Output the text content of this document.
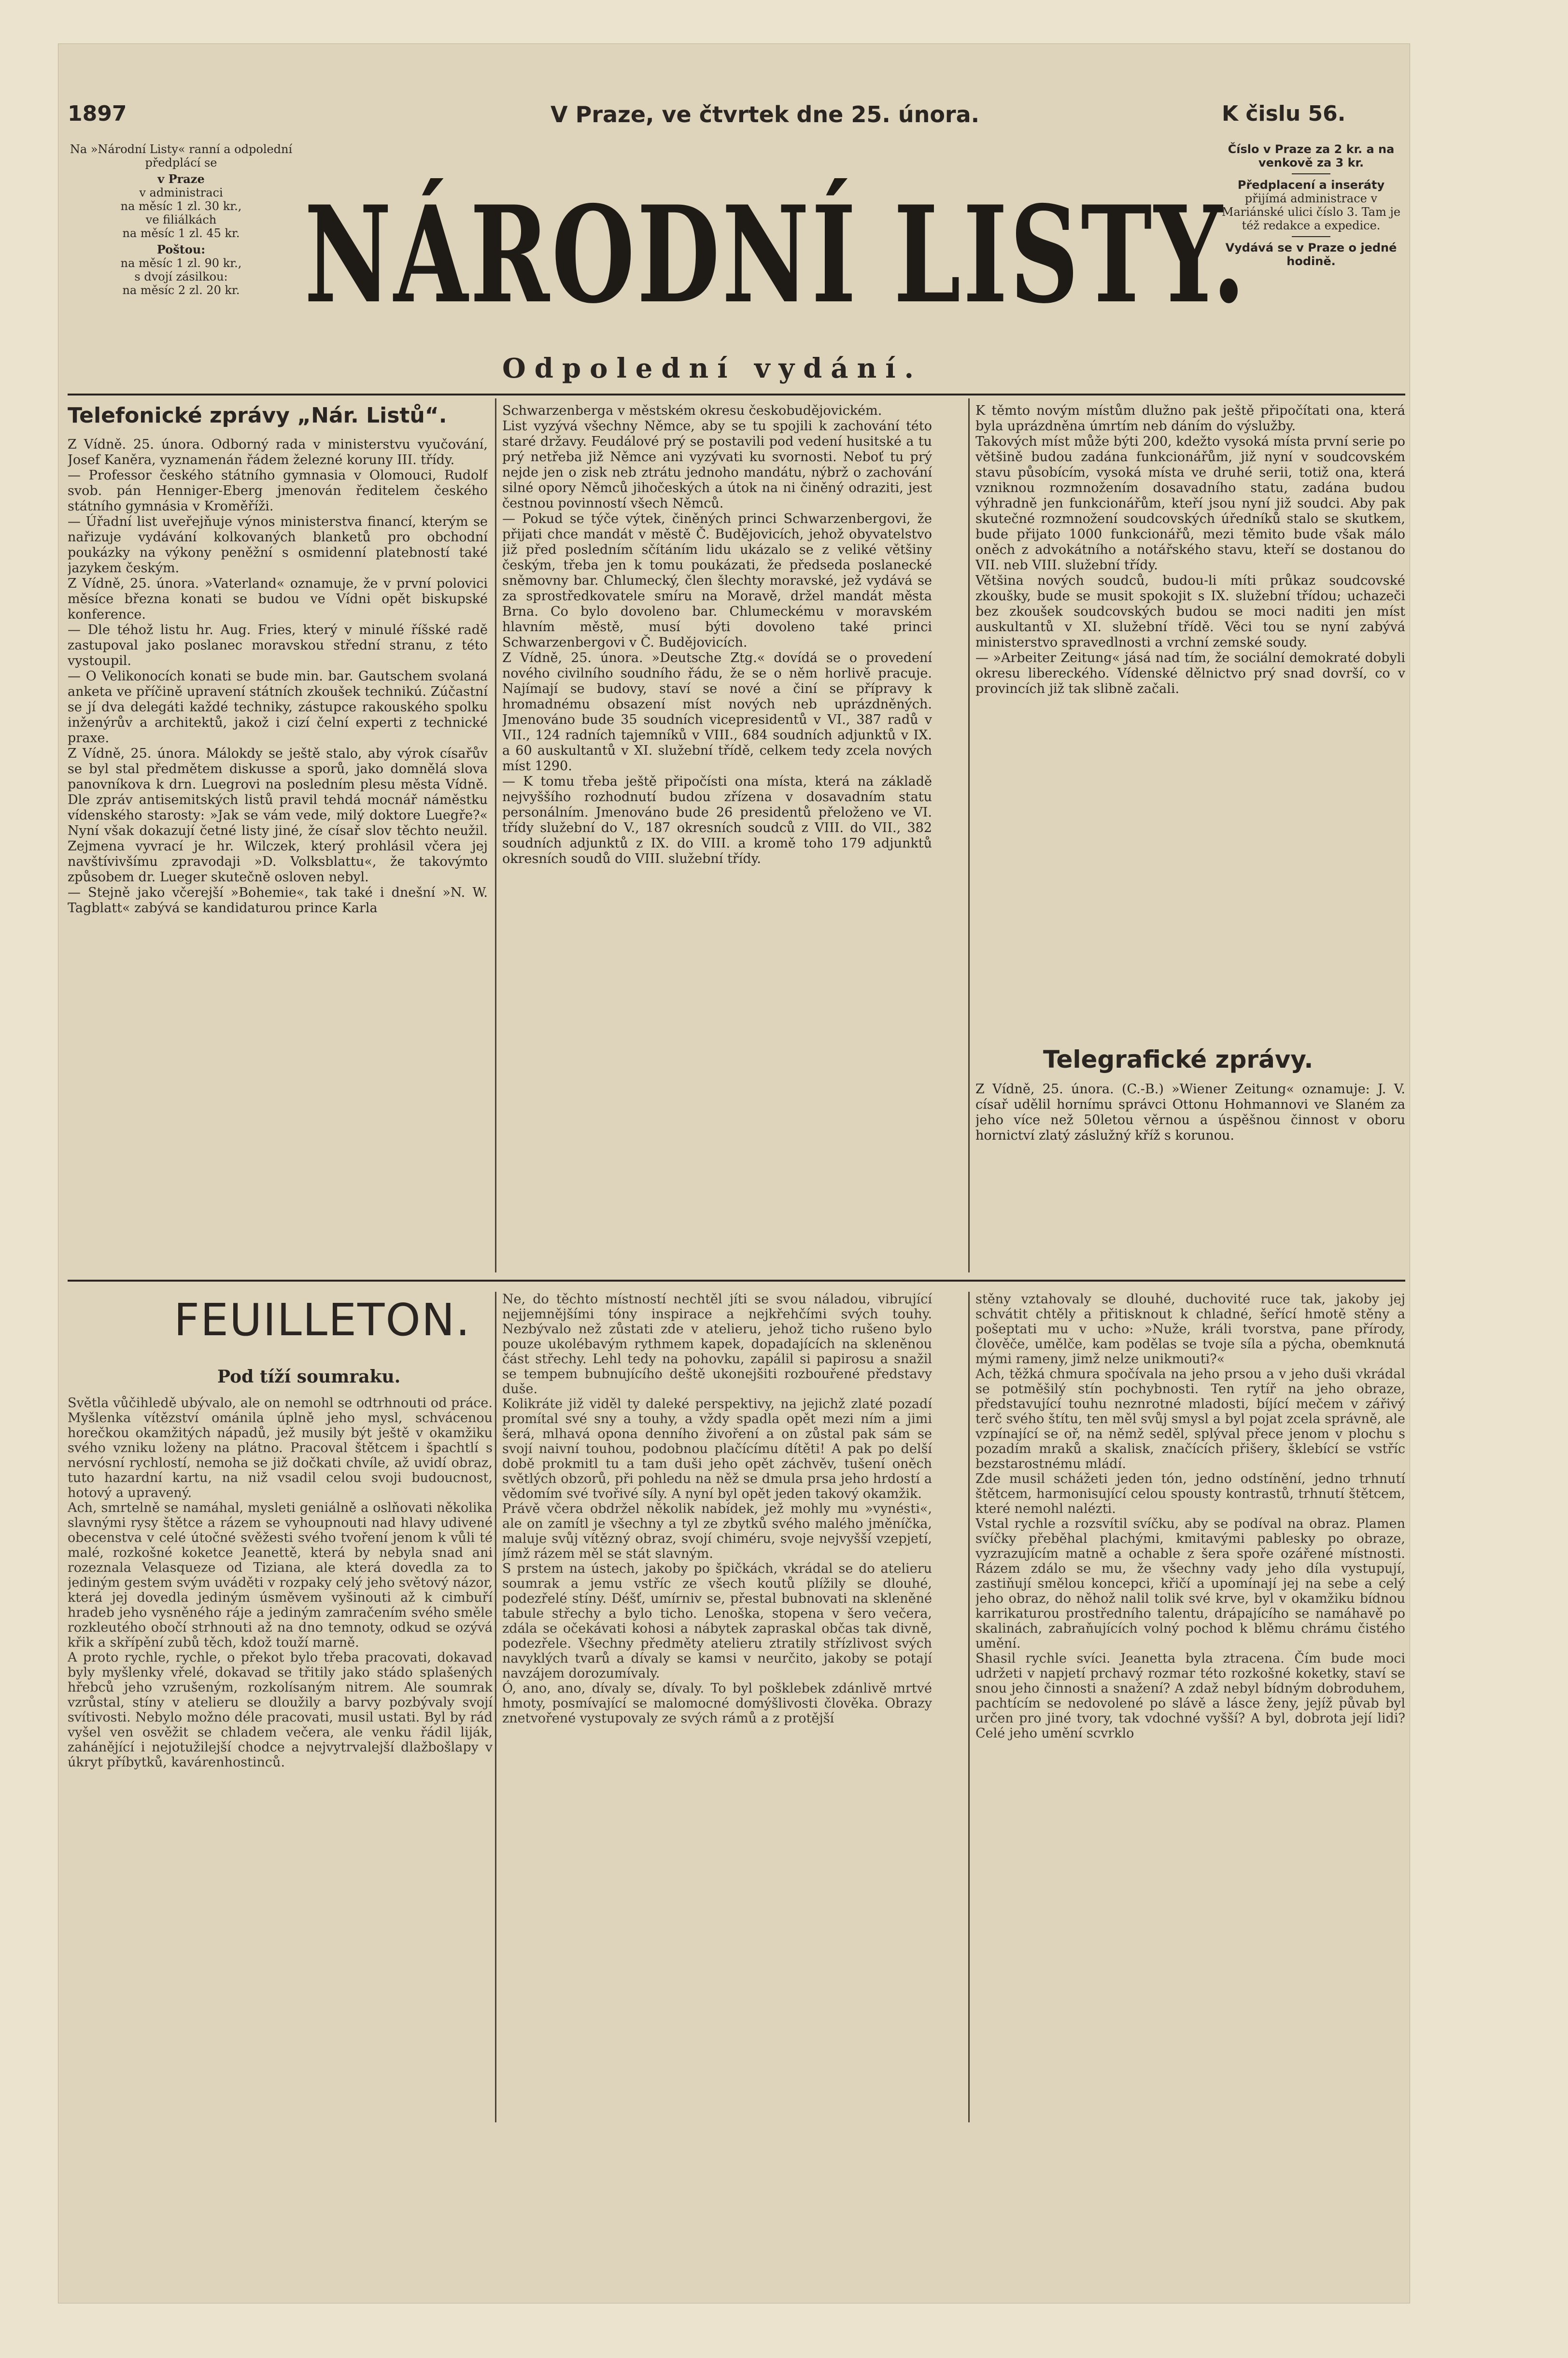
1897	V Praze, ve čtvrtek dne 25. února.	K čislu 56.
Na »Národní Listy« ranní a odpolední předplácí se
v Praze
v administraci
na měsíc 1 zl. 30 kr.,
ve filiálkách
na měsíc 1 zl. 45 kr.
Poštou:
na měsíc 1 zl. 90 kr.,
s dvojí zásilkou:
na měsíc 2 zl. 20 kr. NÁRODNÍ LISTY.
Odpolední vydání.
Číslo v Praze za 2 kr. a na venkově za 3 kr.
Předplacení a inseráty
přijímá administrace v Mariánské ulici číslo 3. Tam je též redakce a expedice.
Vydává se v Praze o jedné hodině.
Telefonické zprávy „Nár. Listů“.
Z Vídně. 25. února. Odborný rada v ministerstvu vyučování, Josef Kaněra, vyznamenán řádem železné koruny III. třídy.
— Professor českého státního gymnasia v Olomouci, Rudolf svob. pán Henniger-Eberg jmenován ředitelem českého státního gymnásia v Kroměříži.
— Úřadní list uveřejňuje výnos ministerstva financí, kterým se nařizuje vydávání kolkovaných blanketů pro obchodní poukázky na výkony peněžní s osmidenní platebností také jazykem českým.
Z Vídně, 25. února. »Vaterland« oznamuje, že v první polovici měsíce března konati se budou ve Vídni opět biskupské konference.
— Dle téhož listu hr. Aug. Fries, který v minulé říšské radě zastupoval jako poslanec moravskou střední stranu, z této vystoupil.
— O Velikonocích konati se bude min. bar. Gautschem svolaná anketa ve příčině upravení státních zkoušek technikú. Zúčastní se jí dva delegáti každé techniky, zástupce rakouského spolku inženýrův a architektů, jakož i cizí čelní experti z technické praxe.
Z Vídně, 25. února. Málokdy se ještě stalo, aby výrok císařův se byl stal předmětem diskusse a sporů, jako domnělá slova panovníkova k drn. Luegrovi na posledním plesu města Vídně. Dle zpráv antisemitských listů pravil tehdá mocnář náměstku vídenského starosty: »Jak se vám vede, milý doktore Luegře?« Nyní však dokazují četné listy jiné, že císař slov těchto neužil. Zejmena vyvrací je hr. Wilczek, který prohlásil včera jej navštívivšímu zpravodaji »D. Volksblattu«, že takovýmto způsobem dr. Lueger skutečně osloven nebyl.
— Stejně jako včerejší »Bohemie«, tak také i dnešní »N. W. Tagblatt« zabývá se kandidaturou prince Karla
Schwarzenberga v městském okresu českobudějovickém.
List vyzývá všechny Němce, aby se tu spojili k zachování této staré državy. Feudálové prý se postavili pod vedení husitské a tu prý netřeba již Němce ani vyzývati ku svornosti. Neboť tu prý nejde jen o zisk neb ztrátu jednoho mandátu, nýbrž o zachování silné opory Němců jihočeských a útok na ni činěný odraziti, jest čestnou povinností všech Němců.
— Pokud se týče výtek, činěných princi Schwarzenbergovi, že přijati chce mandát v městě Č. Budějovicích, jehož obyvatelstvo již před posledním sčítáním lidu ukázalo se z veliké většiny českým, třeba jen k tomu poukázati, že předseda poslanecké sněmovny bar. Chlumecký, člen šlechty moravské, jež vydává se za sprostředkovatele smíru na Moravě, držel mandát města Brna. Co bylo dovoleno bar. Chlumeckému v moravském hlavním městě, musí býti dovoleno také princi Schwarzenbergovi v Č. Budějovicích.
Z Vídně, 25. února. »Deutsche Ztg.« dovídá se o provedení nového civilního soudního řádu, že se o něm horlivě pracuje. Najímají se budovy, staví se nové a činí se přípravy k hromadnému obsazení míst nových neb uprázdněných. Jmenováno bude 35 soudních vicepresidentů v VI., 387 radů v VII., 124 radních tajemníků v VIII., 684 soudních adjunktů v IX. a 60 auskultantů v XI. služební třídě, celkem tedy zcela nových míst 1290.
— K tomu třeba ještě připočísti ona místa, která na základě nejvyššího rozhodnutí budou zřízena v dosavadním statu personálním. Jmenováno bude 26 presidentů přeloženo ve VI. třídy služební do V., 187 okresních soudců z VIII. do VII., 382 soudních adjunktů z IX. do VIII. a kromě toho 179 adjunktů okresních soudů do VIII. služební třídy.
K těmto novým místům dlužno pak ještě připočítati ona, která byla uprázdněna úmrtím neb dáním do výslužby.
Takových míst může býti 200, kdežto vysoká místa první serie po většině budou zadána funkcionářům, již nyní v soudcovském stavu působícím, vysoká místa ve druhé serii, totiž ona, která vzniknou rozmnožením dosavadního statu, zadána budou výhradně jen funkcionářům, kteří jsou nyní již soudci. Aby pak skutečné rozmnožení soudcovských úředníků stalo se skutkem, bude přijato 1000 funkcionářů, mezi těmito bude však málo oněch z advokátního a notářského stavu, kteří se dostanou do VII. neb VIII. služební třídy.
Většina nových soudců, budou-li míti průkaz soudcovské zkoušky, bude se musit spokojit s IX. služební třídou; uchazeči bez zkoušek soudcovských budou se moci naditi jen míst auskultantů v XI. služební třídě. Věci tou se nyní zabývá ministerstvo spravedlnosti a vrchní zemské soudy.
— »Arbeiter Zeitung« jásá nad tím, že sociální demokraté dobyli okresu libereckého. Vídenské dělnictvo prý snad dovrší, co v provincích již tak slibně začali.
Telegrafické zprávy.
Z Vídně, 25. února. (C.-B.) »Wiener Zeitung« oznamuje: J. V. císař udělil hornímu správci Ottonu Hohmannovi ve Slaném za jeho více než 50letou věrnou a úspěšnou činnost v oboru hornictví zlatý záslužný kříž s korunou.
FEUILLETON.
Pod tíží soumraku.
Světla vůčihledě ubývalo, ale on nemohl se odtrhnouti od práce. Myšlenka vítězství ománila úplně jeho mysl, schvácenou horečkou okamžitých nápadů, jež musily být ještě v okamžiku svého vzniku loženy na plátno. Pracoval štětcem i špachtlí s nervósní rychlostí, nemoha se již dočkati chvíle, až uvidí obraz, tuto hazardní kartu, na niž vsadil celou svoji budoucnost, hotový a upravený.
Ach, smrtelně se namáhal, mysleti geniálně a oslňovati několika slavnými rysy štětce a rázem se vyhoupnouti nad hlavy udivené obecenstva v celé útočné svěžesti svého tvoření jenom k vůli té malé, rozkošné koketce Jeanettě, která by nebyla snad ani rozeznala Velasqueze od Tiziana, ale která dovedla za to jediným gestem svým uváděti v rozpaky celý jeho světový názor, která jej dovedla jediným úsměvem vyšinouti až k cimbuří hradeb jeho vysněného ráje a jediným zamračením svého směle rozkleutého obočí strhnouti až na dno temnoty, odkud se ozývá křik a skřípění zubů těch, kdož touží marně.
A proto rychle, rychle, o překot bylo třeba pracovati, dokavad byly myšlenky vřelé, dokavad se třitily jako stádo splašených hřebců jeho vzrušeným, rozkolísaným nitrem. Ale soumrak vzrůstal, stíny v atelieru se dloužily a barvy pozbývaly svojí svítivosti. Nebylo možno déle pracovati, musil ustati. Byl by rád vyšel ven osvěžit se chladem večera, ale venku řádil liják, zahánějící i nejotužilejší chodce a nejvytrvalejší dlažbošlapy v úkryt příbytků, kavárenhostinců.
Ne, do těchto místností nechtěl jíti se svou náladou, vibrující nejjemnějšími tóny inspirace a nejkřehčími svých touhy. Nezbývalo než zůstati zde v atelieru, jehož ticho rušeno bylo pouze ukolébavým rythmem kapek, dopadajících na skleněnou část střechy. Lehl tedy na pohovku, zapálil si papirosu a snažil se tempem bubnujícího deště ukonejšiti rozbouřené představy duše.
Kolikráte již viděl ty daleké perspektivy, na jejichž zlaté pozadí promítal své sny a touhy, a vždy spadla opět mezi ním a jimi šerá, mlhavá opona denního živoření a on zůstal pak sám se svojí naivní touhou, podobnou plačícímu dítěti! A pak po delší době prokmitl tu a tam duši jeho opět záchvěv, tušení oněch světlých obzorů, při pohledu na něž se dmula prsa jeho hrdostí a vědomím své tvořivé síly. A nyní byl opět jeden takový okamžik.
Právě včera obdržel několik nabídek, jež mohly mu »vynésti«, ale on zamítl je všechny a tyl ze zbytků svého malého jměníčka, maluje svůj vítězný obraz, svojí chiméru, svoje nejvyšší vzepjetí, jímž rázem měl se stát slavným.
S prstem na ústech, jakoby po špičkách, vkrádal se do atelieru soumrak a jemu vstříc ze všech koutů plížily se dlouhé, podezřelé stíny. Déšť, umírniv se, přestal bubnovati na skleněné tabule střechy a bylo ticho. Lenoška, stopena v šero večera, zdála se očekávati kohosi a nábytek zapraskal občas tak divně, podezřele. Všechny předměty atelieru ztratily střízlivost svých navyklých tvarů a dívaly se kamsi v neurčito, jakoby se potají navzájem dorozumívaly.
Ó, ano, ano, dívaly se, dívaly. To byl pošklebek zdánlivě mrtvé hmoty, posmívající se malomocné domýšlivosti člověka. Obrazy znetvořené vystupovaly ze svých rámů a z protější
stěny vztahovaly se dlouhé, duchovité ruce tak, jakoby jej schvátit chtěly a přitisknout k chladné, šeřící hmotě stěny a pošeptati mu v ucho: »Nuže, králi tvorstva, pane přírody, člověče, umělče, kam podělas se tvoje síla a pýcha, obemknutá mými rameny, jimž nelze unikmouti?«
Ach, těžká chmura spočívala na jeho prsou a v jeho duši vkrádal se potměšilý stín pochybnosti. Ten rytíř na jeho obraze, představující touhu neznrotné mladosti, bíjící mečem v zářivý terč svého štítu, ten měl svůj smysl a byl pojat zcela správně, ale vzpínající se oř, na němž seděl, splýval přece jenom v plochu s pozadím mraků a skalisk, značících přišery, šklebící se vstříc bezstarostnému mládí.
Zde musil schážeti jeden tón, jedno odstínění, jedno trhnutí štětcem, harmonisující celou spousty kontrastů, trhnutí štětcem, které nemohl nalézti.
Vstal rychle a rozsvítil svíčku, aby se podíval na obraz. Plamen svíčky přeběhal plachými, kmitavými pablesky po obraze, vyzrazujícím matně a ochable z šera spoře ozářené místnosti. Rázem zdálo se mu, že všechny vady jeho díla vystupují, zastiňují smělou koncepci, křičí a upomínají jej na sebe a celý jeho obraz, do něhož nalil tolik své krve, byl v okamžiku bídnou karrikaturou prostředního talentu, drápajícího se namáhavě po skalinách, zabraňujících volný pochod k blěmu chrámu čistého umění.
Shasil rychle svíci. Jeanetta byla ztracena. Čím bude moci udržeti v napjetí prchavý rozmar této rozkošné koketky, staví se snou jeho činnosti a snažení? A zdaž nebyl bídným dobroduhem, pachtícím se nedovolené po slávě a lásce ženy, jejíž půvab byl určen pro jiné tvory, tak vdochné vyšší? A byl, dobrota její lidi? Celé jeho umění scvrklo
